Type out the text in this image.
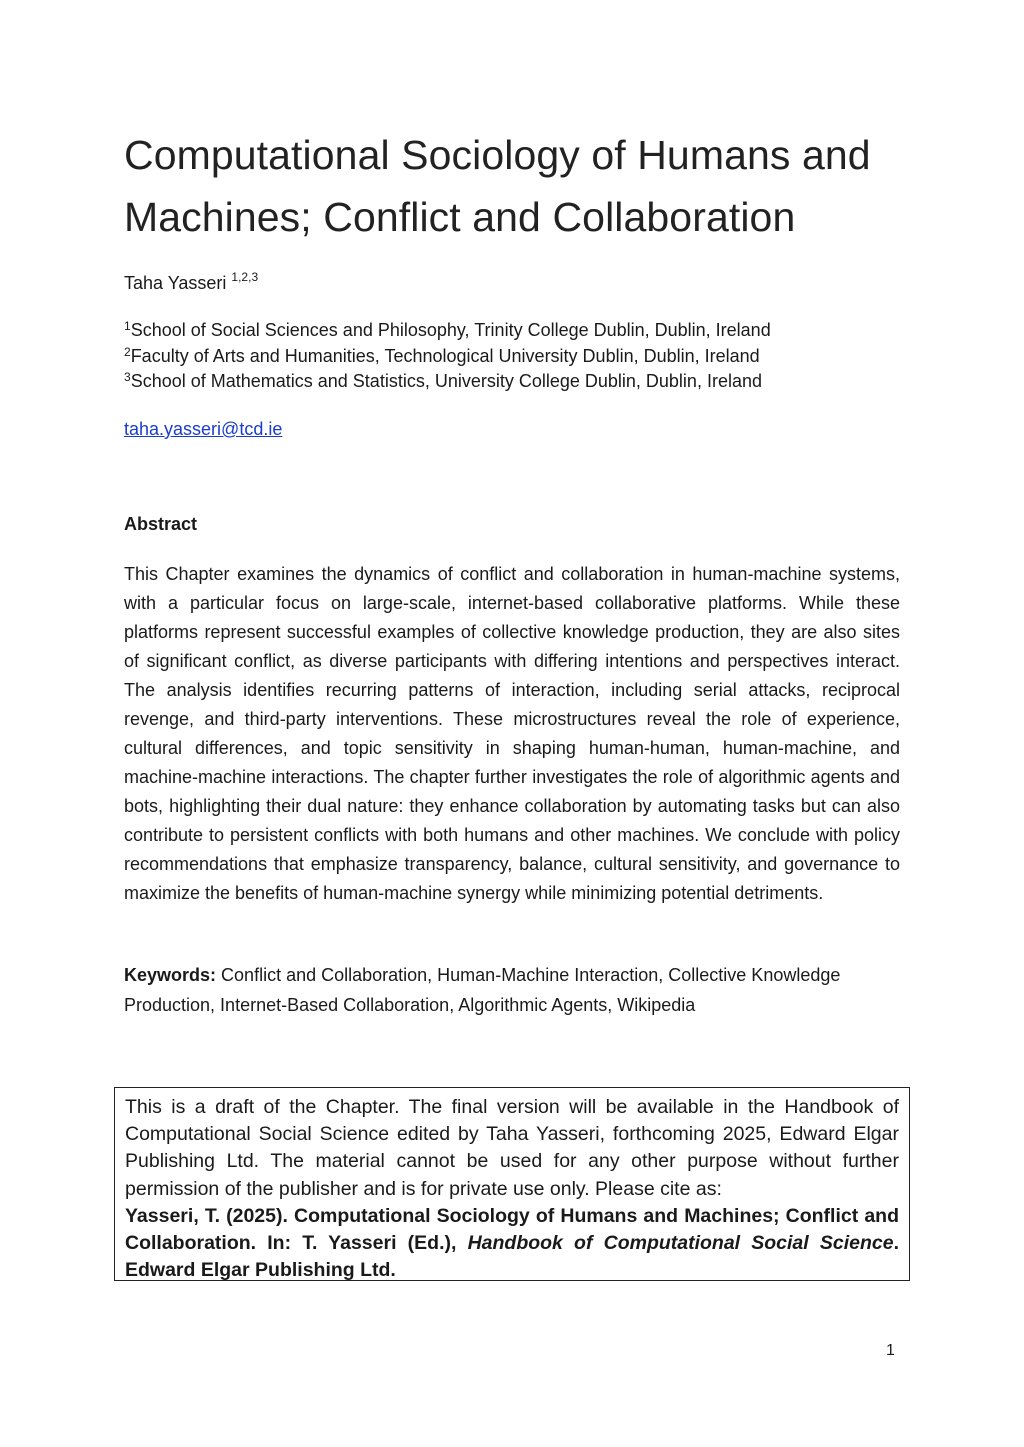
Computational Sociology of Humans and Machines; Conflict and Collaboration
Taha Yasseri $^{1,2,3}$
$^1$School of Social Sciences and Philosophy, Trinity College Dublin, Dublin, Ireland
$^2$Faculty of Arts and Humanities, Technological University Dublin, Dublin, Ireland
$^3$School of Mathematics and Statistics, University College Dublin, Dublin, Ireland
taha.yasseri@tcd.ie
Abstract

This Chapter examines the dynamics of conflict and collaboration in human-machine systems, with a particular focus on large-scale, internet-based collaborative platforms. While these platforms represent successful examples of collective knowledge production, they are also sites of significant conflict, as diverse participants with differing intentions and perspectives interact. The analysis identifies recurring patterns of interaction, including serial attacks, reciprocal revenge, and third-party interventions. These microstructures reveal the role of experience, cultural differences, and topic sensitivity in shaping human-human, human-machine, and machine-machine interactions. The chapter further investigates the role of algorithmic agents and bots, highlighting their dual nature: they enhance collaboration by automating tasks but can also contribute to persistent conflicts with both humans and other machines. We conclude with policy recommendations that emphasize transparency, balance, cultural sensitivity, and governance to maximize the benefits of human-machine synergy while minimizing potential detriments.

Keywords: Conflict and Collaboration, Human-Machine Interaction, Collective Knowledge Production, Internet-Based Collaboration, Algorithmic Agents, Wikipedia

This is a draft of the Chapter. The final version will be available in the Handbook of Computational Social Science edited by Taha Yasseri, forthcoming 2025, Edward Elgar Publishing Ltd. The material cannot be used for any other purpose without further permission of the publisher and is for private use only. Please cite as:

Yasseri, T. (2025). Computational Sociology of Humans and Machines; Conflict and Collaboration. In: T. Yasseri (Ed.), Handbook of Computational Social Science. Edward Elgar Publishing Ltd.

1
